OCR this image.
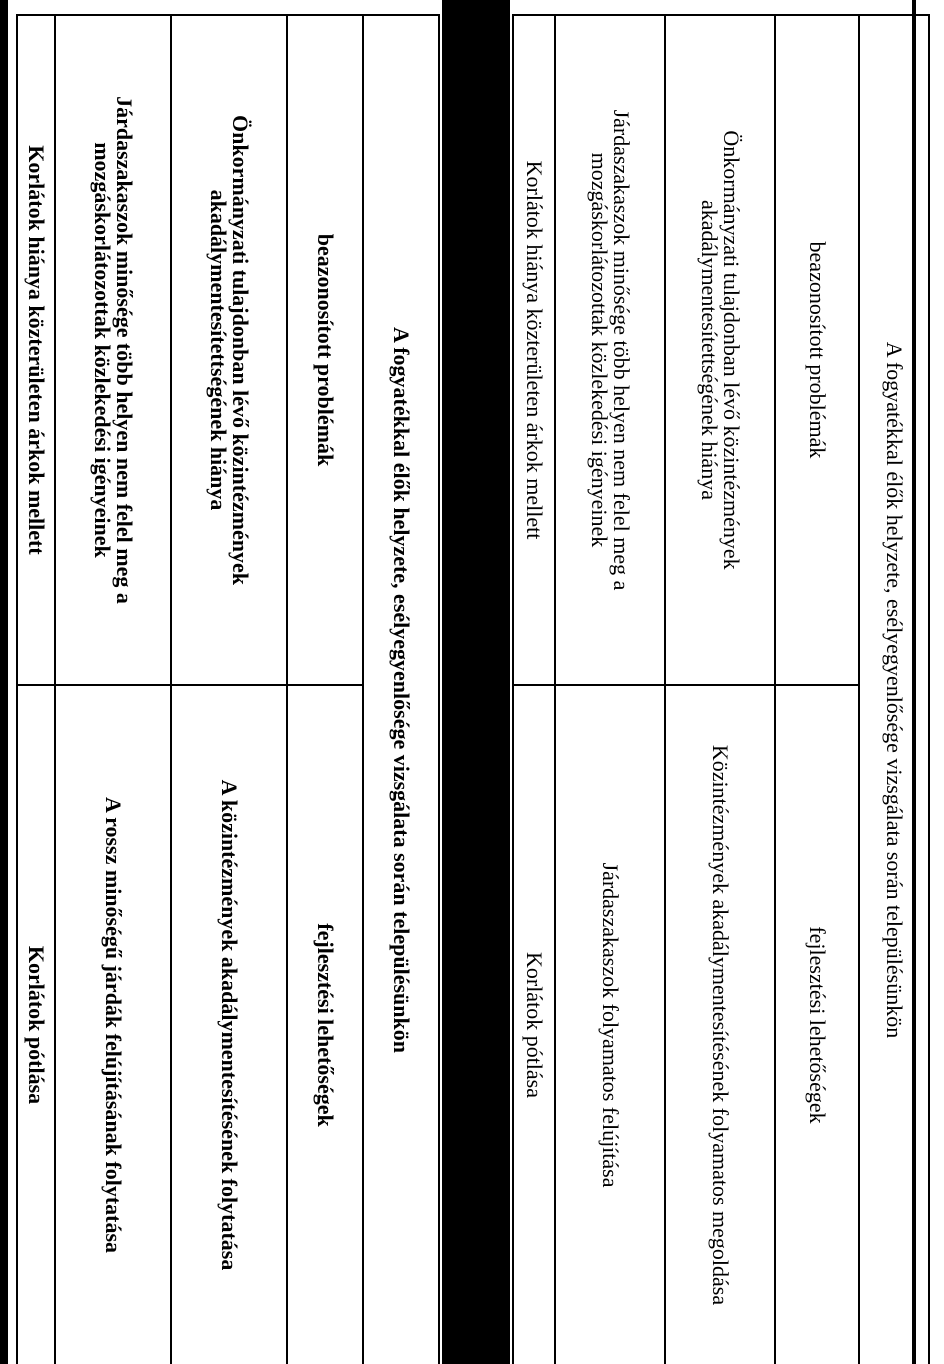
A fogyatékkal élők helyzete, esélyegyenlősége vizsgálata során településünkön	
beazonosított problémák	fejlesztési lehetőségek
Önkormányzati tulajdonban lévő közintézmények akadálymentesítettségének hiánya	Közintézmények akadálymentesítésének folyamatos megoldása
Járdaszakaszok minősége több helyen nem felel meg a mozgáskorlátozottak közlekedési igényeinek	Járdaszakaszok folyamatos felújítása
Korlátok hiánya közterületen árkok mellett	Korlátok pótlása
A fogyatékkal élők helyzete, esélyegyenlősége vizsgálata során településünkön	
beazonosított problémák	fejlesztési lehetőségek
Önkormányzati tulajdonban lévő közintézmények akadálymentesítettségének hiánya	A közintézmények akadálymentesítésének folytatása
Járdaszakaszok minősége több helyen nem felel meg a mozgáskorlátozottak közlekedési igényeinek	A rossz minőségű járdák felújításának folytatása
Korlátok hiánya közterületen árkok mellett	Korlátok pótlása
